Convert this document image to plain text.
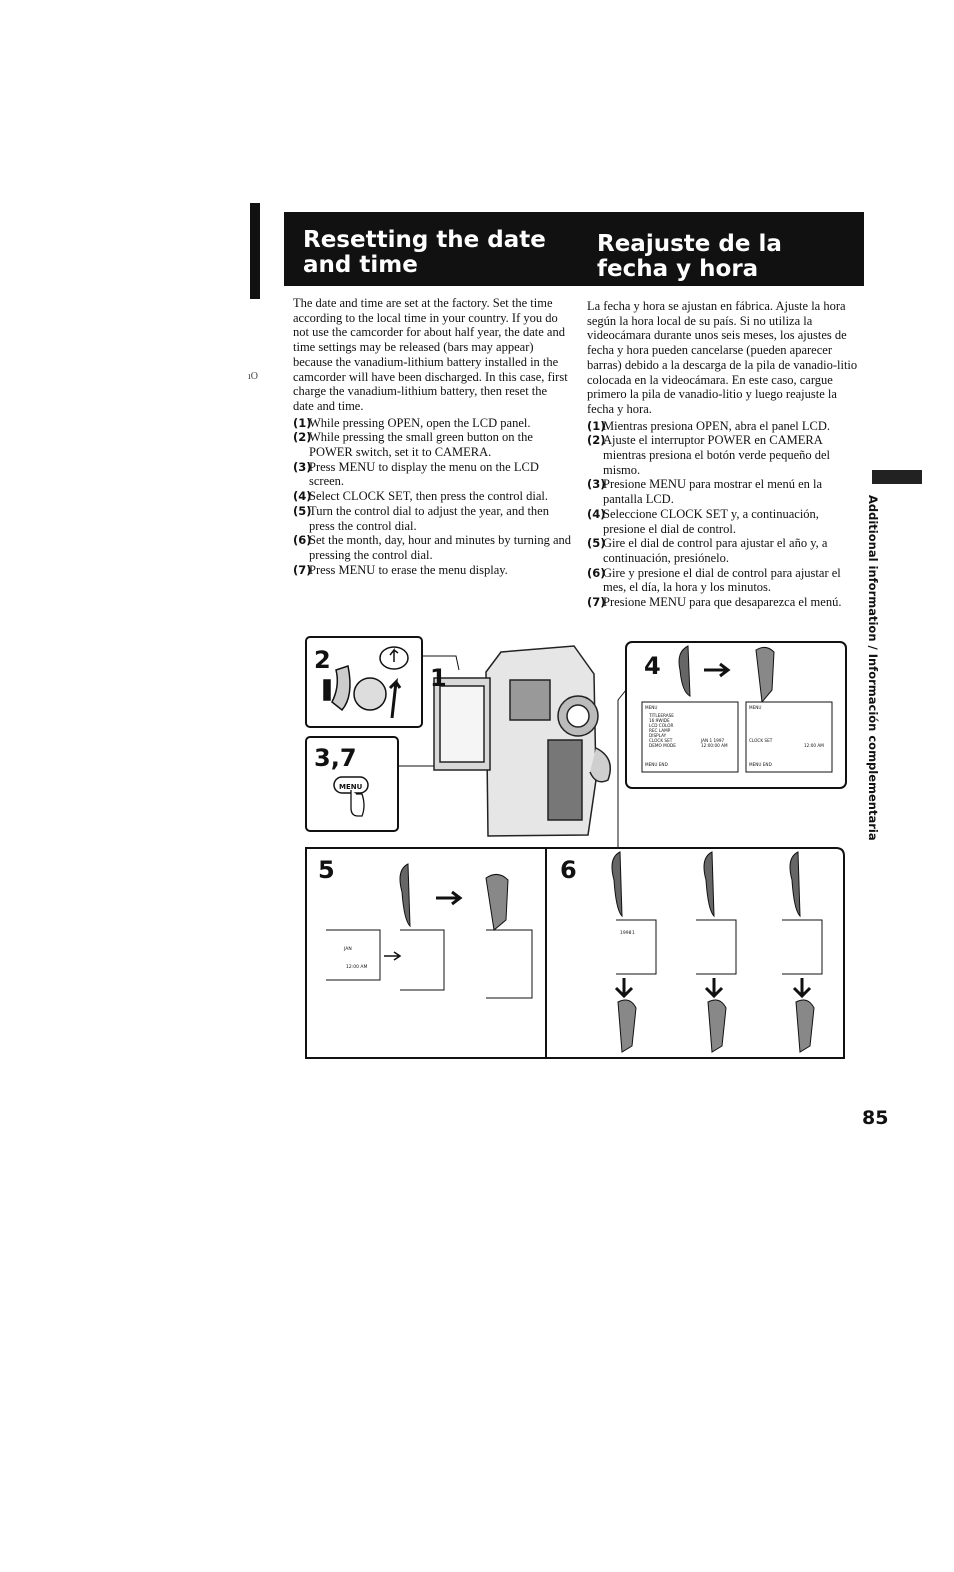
Resetting the date and time
Reajuste de la fecha y hora
ıO

The date and time are set at the factory. Set the time according to the local time in your country. If you do not use the camcorder for about half year, the date and time settings may be released (bars may appear) because the vanadium-lithium battery installed in the camcorder will have been discharged. In this case, first charge the vanadium-lithium battery, then reset the date and time.

(1)
While pressing OPEN, open the LCD panel.
(2)
While pressing the small green button on the POWER switch, set it to CAMERA.
(3)
Press MENU to display the menu on the LCD screen.
(4)
Select CLOCK SET, then press the control dial.
(5)
Turn the control dial to adjust the year, and then press the control dial.
(6)
Set the month, day, hour and minutes by turning and pressing the control dial.
(7)
Press MENU to erase the menu display.

La fecha y hora se ajustan en fábrica. Ajuste la hora según la hora local de su país. Si no utiliza la videocámara durante unos seis meses, los ajustes de fecha y hora pueden cancelarse (pueden aparecer barras) debido a la descarga de la pila de vanadio-litio colocada en la videocámara. En este caso, cargue primero la pila de vanadio-litio y luego reajuste la fecha y hora.

(1)
Mientras presiona OPEN, abra el panel LCD.
(2)
Ajuste el interruptor POWER en CAMERA mientras presiona el botón verde pequeño del mismo.
(3)
Presione MENU para mostrar el menú en la pantalla LCD.
(4)
Seleccione CLOCK SET y, a continuación, presione el dial de control.
(5)
Gire el dial de control para ajustar el año y, a continuación, presiónelo.
(6)
Gire y presione el dial de control para ajustar el mes, el día, la hora y los minutos.
(7)
Presione MENU para que desaparezca el menú.	Additional information / Información complementaria
85
MENU
TITLEERASE
16:9WIDE
LCD COLOR
REC LAMP
DISPLAY
CLOCK SET
DEMO MODE
MENU END
JAN 1 1997
12:00:00 AM
MENU
CLOCK SET
MENU END
12:00 AM
JAN
12:00 AM
1998 1
2
1
3,7
4
5	6
MENU
